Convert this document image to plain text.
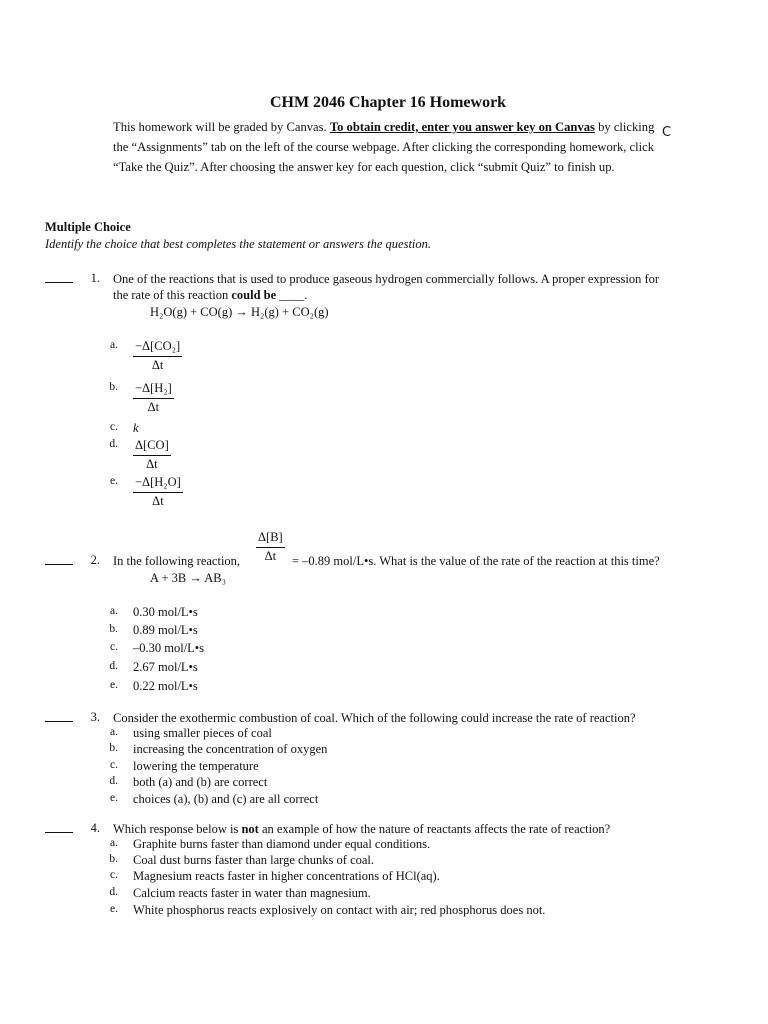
CHM 2046 Chapter 16 Homework
This homework will be graded by Canvas. To obtain credit, enter you answer key on Canvas by clicking the “Assignments” tab on the left of the course webpage. After clicking the corresponding homework, click “Take the Quiz”. After choosing the answer key for each question, click “submit Quiz” to finish up.
C
Multiple Choice
Identify the choice that best completes the statement or answers the question.
1. One of the reactions that is used to produce gaseous hydrogen commercially follows. A proper expression for
the rate of this reaction could be ____.
H₂O(g) + CO(g) → H₂(g) + CO₂(g)
a. $\frac{\text{−Δ[CO₂]}}{\Delta t}$
b. $\frac{\text{−Δ[H₂]}}{\Delta t}$
c. k
d. $\frac{\Delta[CO]}{\Delta t}$
e. $\frac{\text{−Δ[H₂O]}}{\Delta t}$
$\frac{\Delta[B]}{\Delta t}$
2. In the following reaction,	= –0.89 mol/L•s. What is the value of the rate of the reaction at this time?
A + 3B → AB₃
a. 0.30 mol/L•s
b. 0.89 mol/L•s
c. –0.30 mol/L•s
d. 2.67 mol/L•s
e. 0.22 mol/L•s
3. Consider the exothermic combustion of coal. Which of the following could increase the rate of reaction?
a. using smaller pieces of coal
b. increasing the concentration of oxygen
c. lowering the temperature
d. both (a) and (b) are correct
e. choices (a), (b) and (c) are all correct
4. Which response below is not an example of how the nature of reactants affects the rate of reaction?
a. Graphite burns faster than diamond under equal conditions.
b. Coal dust burns faster than large chunks of coal.
c. Magnesium reacts faster in higher concentrations of HCl(aq).
d. Calcium reacts faster in water than magnesium.
e. White phosphorus reacts explosively on contact with air; red phosphorus does not.
